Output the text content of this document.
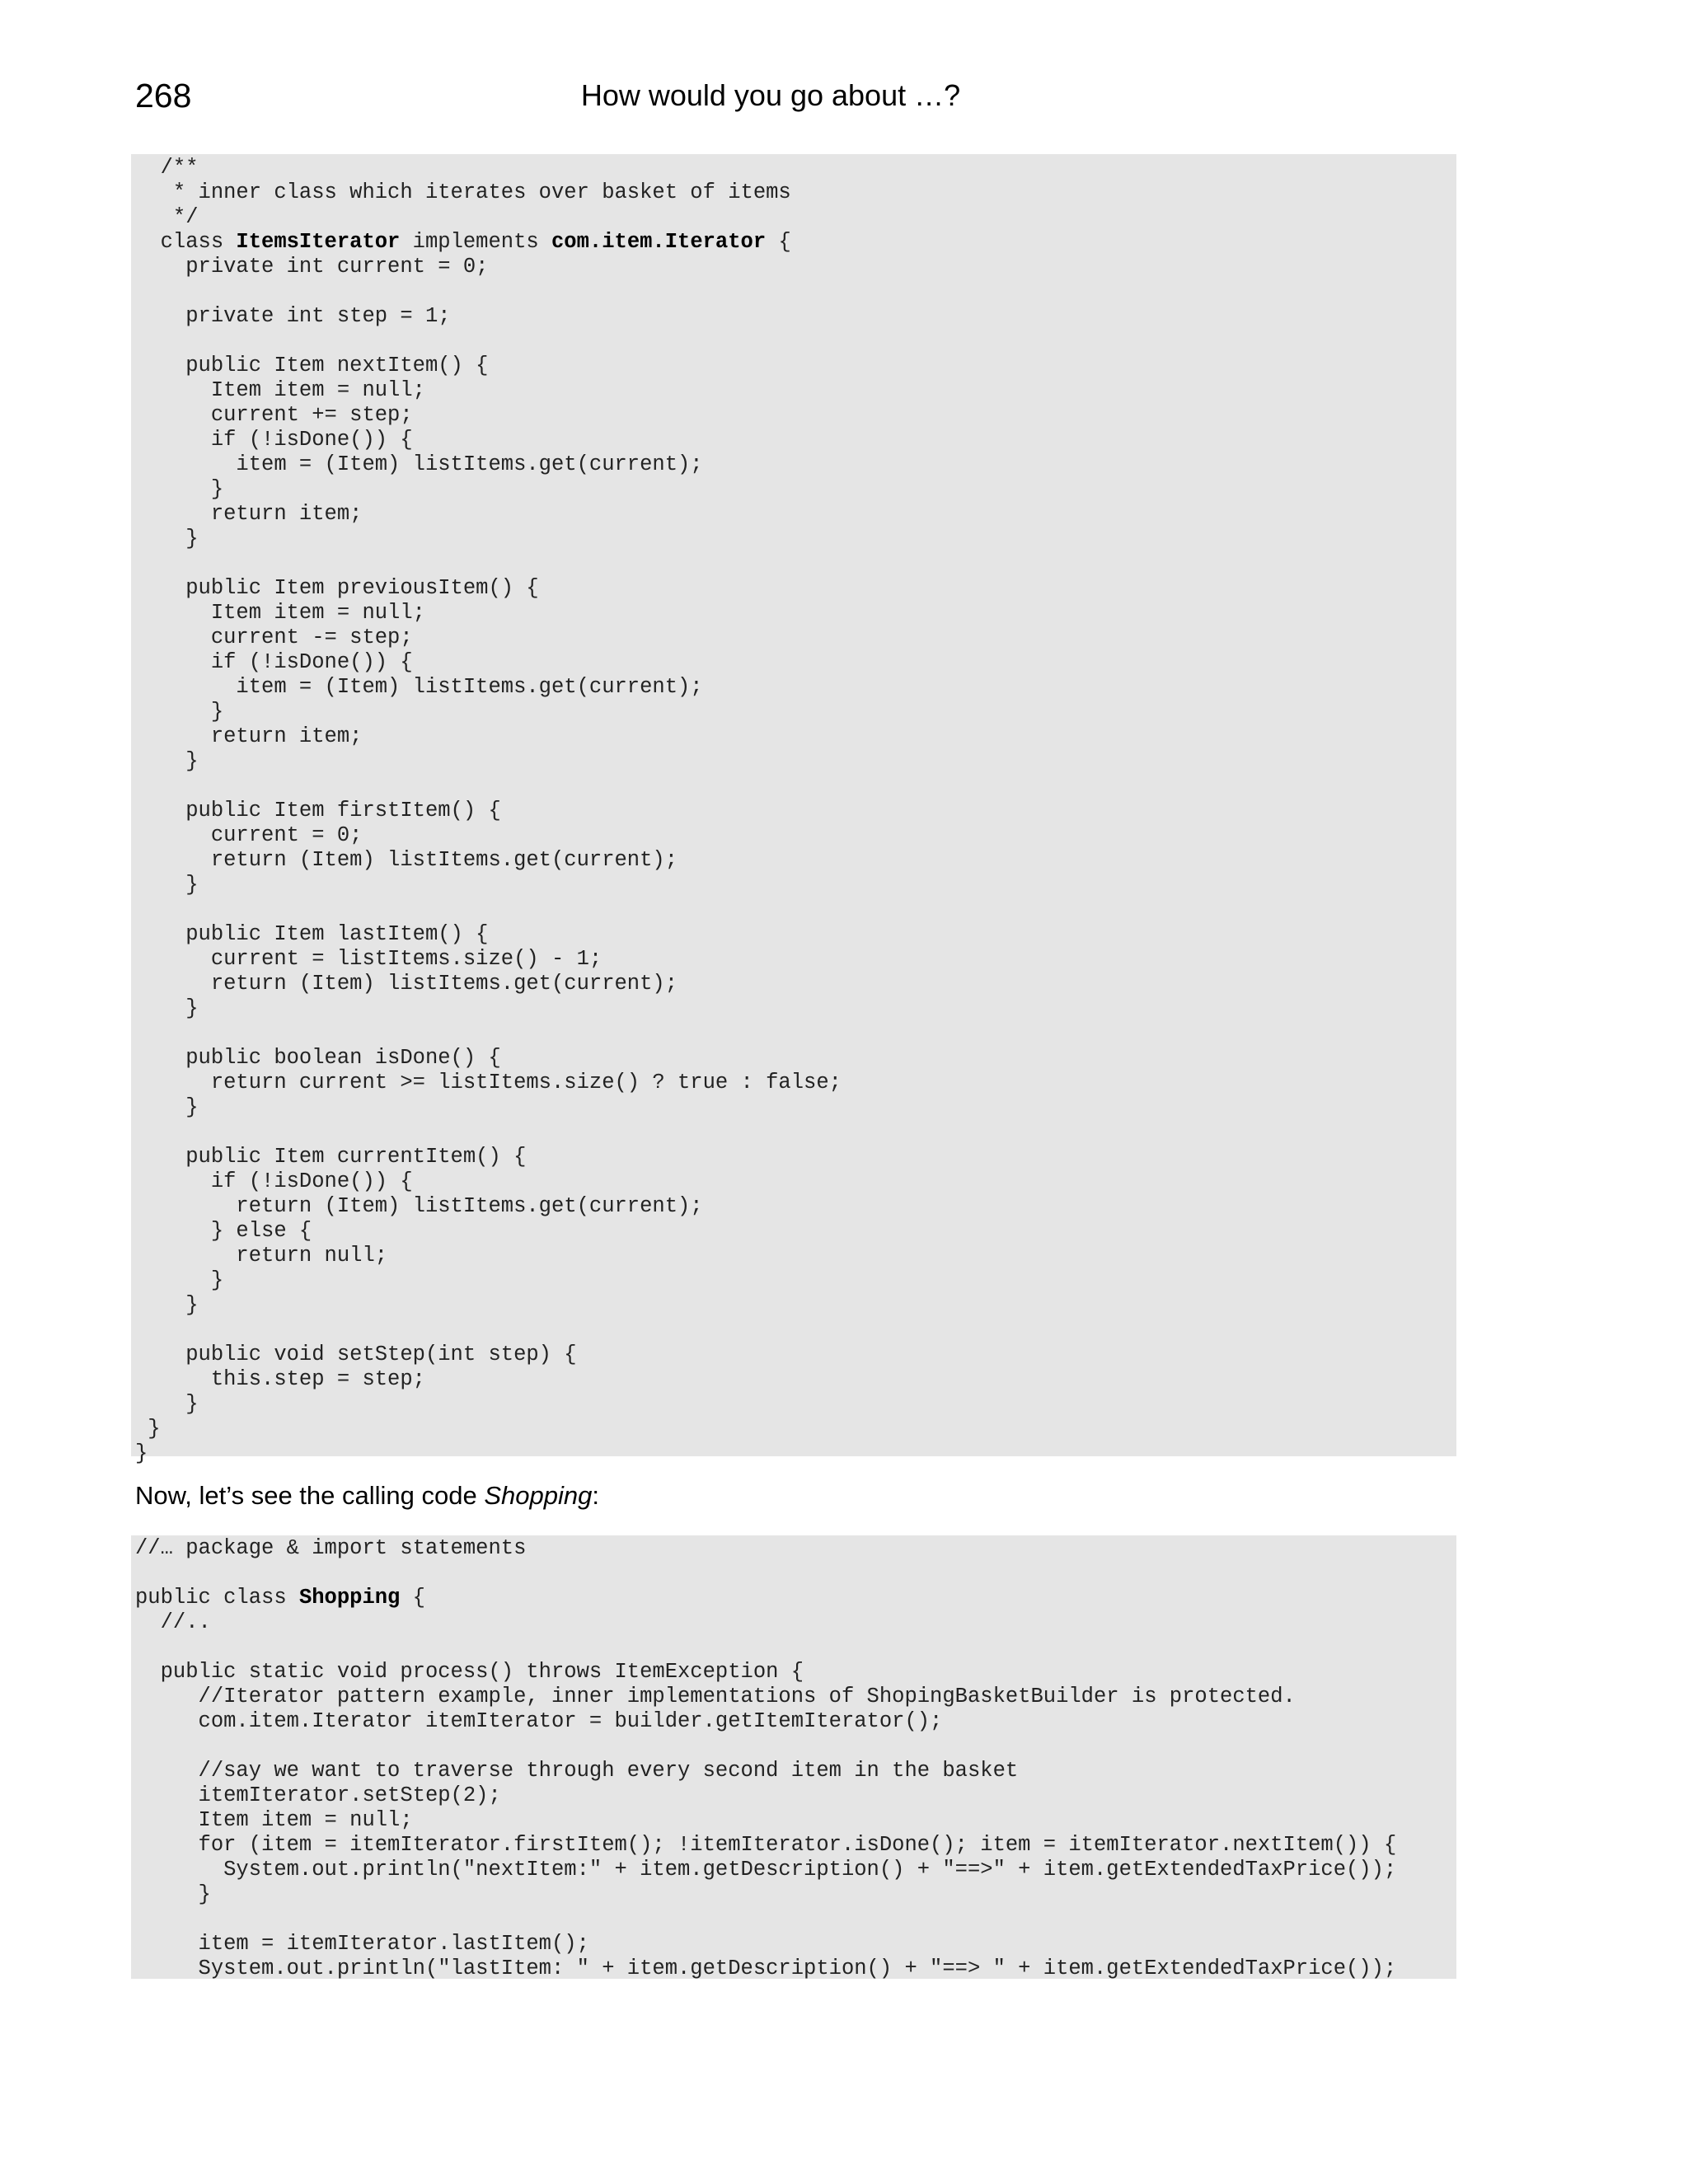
268	How would you go about …?
/**
* inner class which iterates over basket of items
*/
class ItemsIterator implements com.item.Iterator {
private int current = 0;
private int step = 1;
public Item nextItem() {
Item item = null;
current += step;
if (!isDone()) {
item = (Item) listItems.get(current);
}
return item;
}
public Item previousItem() {
Item item = null;
current -= step;
if (!isDone()) {
item = (Item) listItems.get(current);
}
return item;
}
public Item firstItem() {
current = 0;
return (Item) listItems.get(current);
}
public Item lastItem() {
current = listItems.size() - 1;
return (Item) listItems.get(current);
}
public boolean isDone() {
return current >= listItems.size() ? true : false;
}
public Item currentItem() {
if (!isDone()) {
return (Item) listItems.get(current);
} else {
return null;
}
}
public void setStep(int step) {
this.step = step;
}
}
}
Now, let’s see the calling code Shopping:
//… package & import statements
public class Shopping {
//..
public static void process() throws ItemException {
//Iterator pattern example, inner implementations of ShopingBasketBuilder is protected.
com.item.Iterator itemIterator = builder.getItemIterator();
//say we want to traverse through every second item in the basket
itemIterator.setStep(2);
Item item = null;
for (item = itemIterator.firstItem(); !itemIterator.isDone(); item = itemIterator.nextItem()) {
System.out.println("nextItem:" + item.getDescription() + "==>" + item.getExtendedTaxPrice());
}
item = itemIterator.lastItem();
System.out.println("lastItem: " + item.getDescription() + "==> " + item.getExtendedTaxPrice());
